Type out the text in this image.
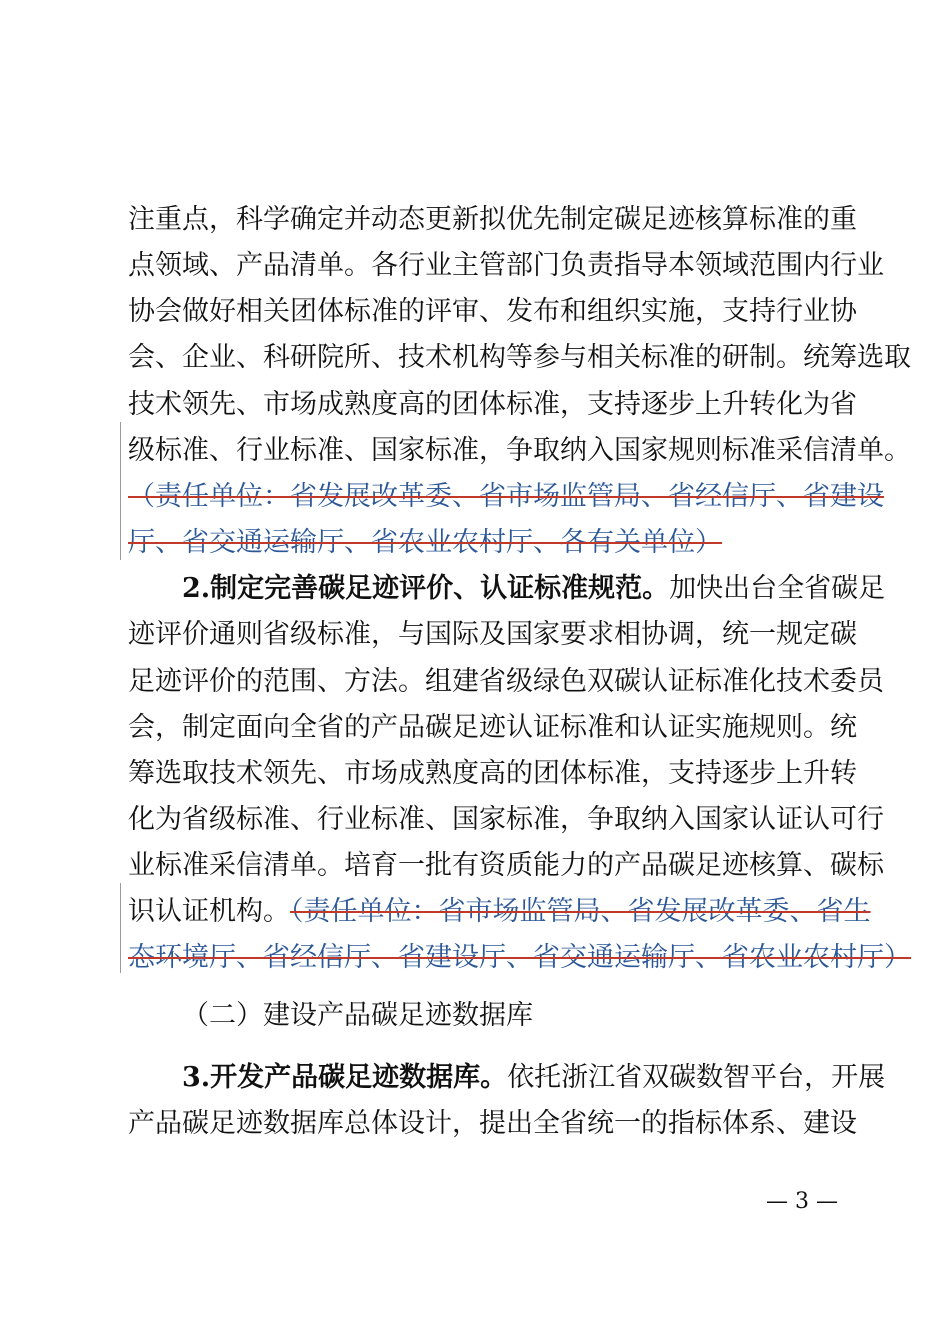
注重点，科学确定并动态更新拟优先制定碳足迹核算标准的重
点领域、产品清单。各行业主管部门负责指导本领域范围内行业
协会做好相关团体标准的评审、发布和组织实施，支持行业协
会、企业、科研院所、技术机构等参与相关标准的研制。统筹选取
技术领先、市场成熟度高的团体标准，支持逐步上升转化为省
级标准、行业标准、国家标准，争取纳入国家规则标准采信清单。
（责任单位：省发展改革委、省市场监管局、省经信厅、省建设
厅、省交通运输厅、省农业农村厅、各有关单位）
2.制定完善碳足迹评价、认证标准规范。加快出台全省碳足
迹评价通则省级标准，与国际及国家要求相协调，统一规定碳
足迹评价的范围、方法。组建省级绿色双碳认证标准化技术委员
会，制定面向全省的产品碳足迹认证标准和认证实施规则。统
筹选取技术领先、市场成熟度高的团体标准，支持逐步上升转
化为省级标准、行业标准、国家标准，争取纳入国家认证认可行
业标准采信清单。培育一批有资质能力的产品碳足迹核算、碳标
识认证机构。（责任单位：省市场监管局、省发展改革委、省生
态环境厅、省经信厅、省建设厅、省交通运输厅、省农业农村厅）
（二）建设产品碳足迹数据库
3.开发产品碳足迹数据库。依托浙江省双碳数智平台，开展
产品碳足迹数据库总体设计，提出全省统一的指标体系、建设
— 3 —
